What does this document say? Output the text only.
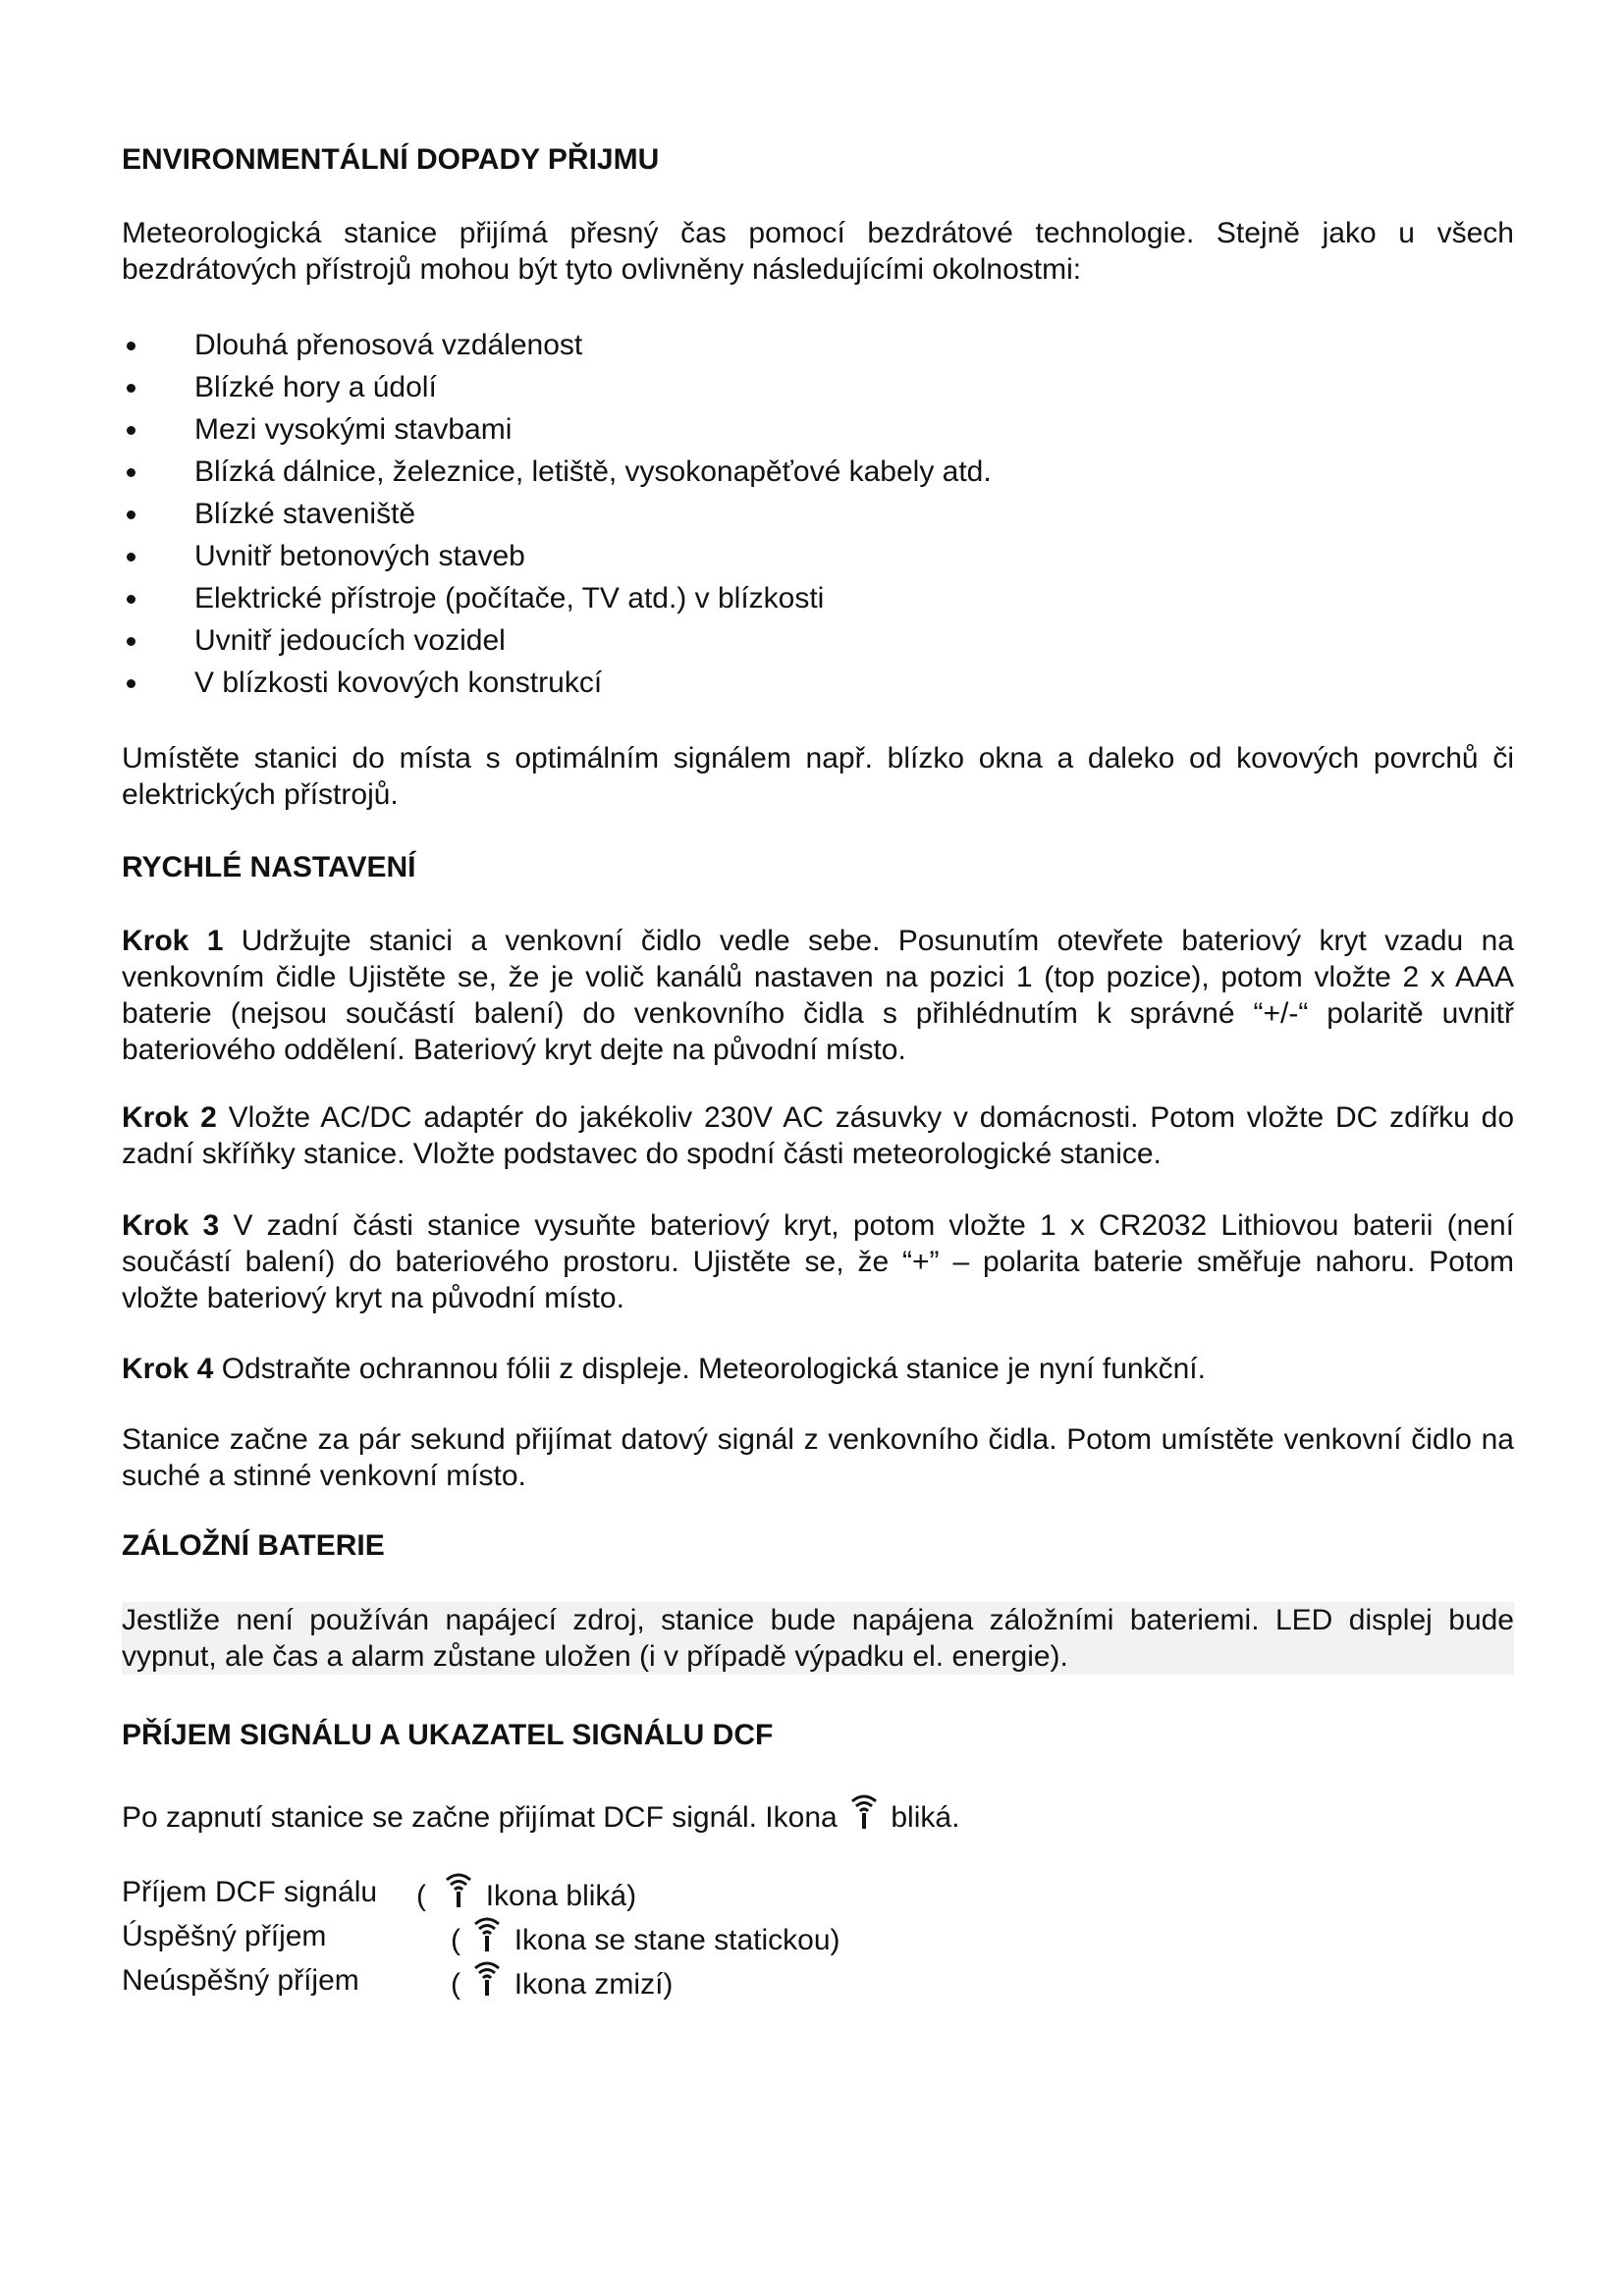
ENVIRONMENTÁLNÍ DOPADY PŘIJMU
Meteorologická stanice přijímá přesný čas pomocí bezdrátové technologie. Stejně jako u všech bezdrátových přístrojů mohou být tyto ovlivněny následujícími okolnostmi:
Dlouhá přenosová vzdálenost
Blízké hory a údolí
Mezi vysokými stavbami
Blízká dálnice, železnice, letiště, vysokonapěťové kabely atd.
Blízké staveniště
Uvnitř betonových staveb
Elektrické přístroje (počítače, TV atd.) v blízkosti
Uvnitř jedoucích vozidel
V blízkosti kovových konstrukcí
Umístěte stanici do místa s optimálním signálem např. blízko okna a daleko od kovových povrchů či elektrických přístrojů.
RYCHLÉ NASTAVENÍ
Krok 1 Udržujte stanici a venkovní čidlo vedle sebe. Posunutím otevřete bateriový kryt vzadu na venkovním čidle Ujistěte se, že je volič kanálů nastaven na pozici 1 (top pozice), potom vložte 2 x AAA baterie (nejsou součástí balení) do venkovního čidla s přihlédnutím k správné “+/-“ polaritě uvnitř bateriového oddělení. Bateriový kryt dejte na původní místo.
Krok 2 Vložte AC/DC adaptér do jakékoliv 230V AC zásuvky v domácnosti. Potom vložte DC zdířku do zadní skříňky stanice. Vložte podstavec do spodní části meteorologické stanice.
Krok 3 V zadní části stanice vysuňte bateriový kryt, potom vložte 1 x CR2032 Lithiovou baterii (není součástí balení) do bateriového prostoru. Ujistěte se, že “+” – polarita baterie směřuje nahoru. Potom vložte bateriový kryt na původní místo.
Krok 4 Odstraňte ochrannou fólii z displeje. Meteorologická stanice je nyní funkční.
Stanice začne za pár sekund přijímat datový signál z venkovního čidla. Potom umístěte venkovní čidlo na suché a stinné venkovní místo.
ZÁLOŽNÍ BATERIE
Jestliže není používán napájecí zdroj, stanice bude napájena záložními bateriemi. LED displej bude vypnut, ale čas a alarm zůstane uložen (i v případě výpadku el. energie).
PŘÍJEM SIGNÁLU A UKAZATEL SIGNÁLU DCF
Po zapnutí stanice se začne přijímat DCF signál. Ikona bliká.
Příjem DCF signálu ( Ikona bliká)
Úspěšný příjem	( Ikona se stane statickou)
Neúspěšný příjem	( Ikona zmizí)
